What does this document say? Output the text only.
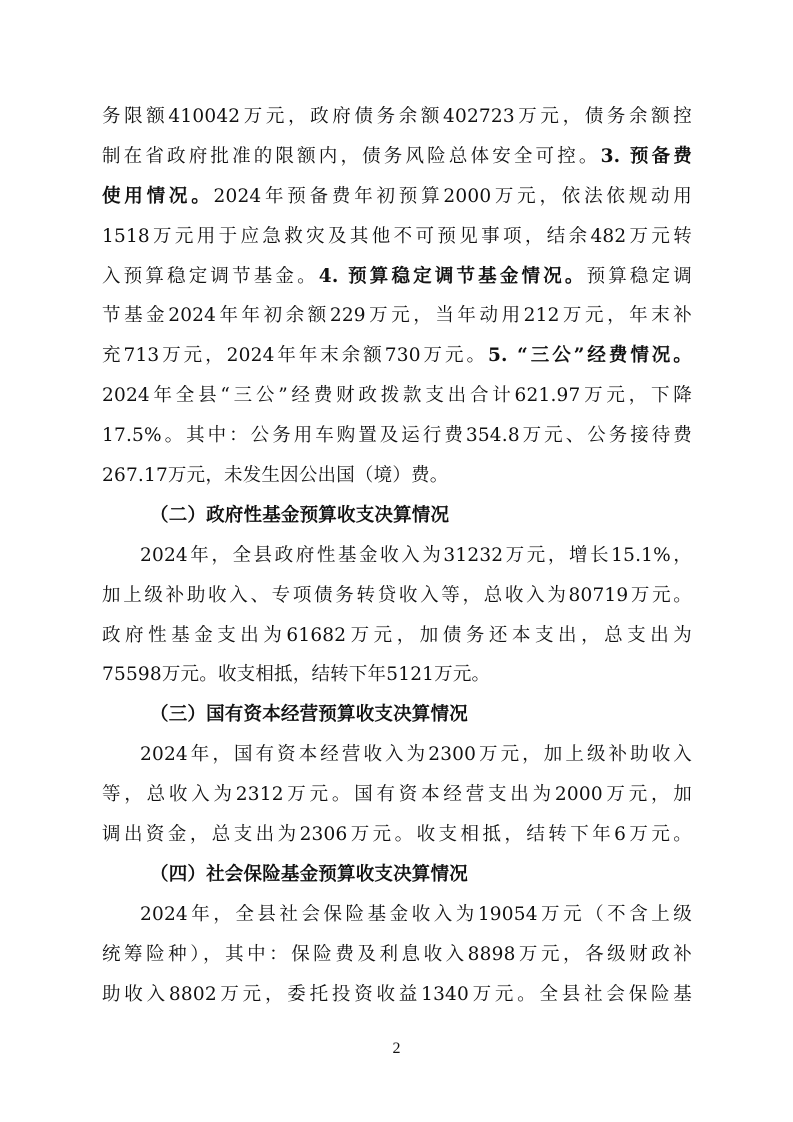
务限额410042万元，政府债务余额402723万元，债务余额控
制在省政府批准的限额内，债务风险总体安全可控。3. 预备费
使用情况。2024年预备费年初预算2000万元，依法依规动用
1518万元用于应急救灾及其他不可预见事项，结余482万元转
入预算稳定调节基金。4. 预算稳定调节基金情况。预算稳定调
节基金2024年年初余额229万元，当年动用212万元，年末补
充713万元，2024年年末余额730万元。5. “三公”经费情况。
2024年全县“三公”经费财政拨款支出合计621.97万元，下降
17.5%。其中：公务用车购置及运行费354.8万元、公务接待费
267.17万元，未发生因公出国（境）费。
（二）政府性基金预算收支决算情况
2024年，全县政府性基金收入为31232万元，增长15.1%，
加上级补助收入、专项债务转贷收入等，总收入为80719万元。
政府性基金支出为61682万元，加债务还本支出，总支出为
75598万元。收支相抵，结转下年5121万元。
（三）国有资本经营预算收支决算情况
2024年，国有资本经营收入为2300万元，加上级补助收入
等，总收入为2312万元。国有资本经营支出为2000万元，加
调出资金，总支出为2306万元。收支相抵，结转下年6万元。
（四）社会保险基金预算收支决算情况
2024年，全县社会保险基金收入为19054万元（不含上级
统筹险种），其中：保险费及利息收入8898万元，各级财政补
助收入8802万元，委托投资收益1340万元。全县社会保险基
2
